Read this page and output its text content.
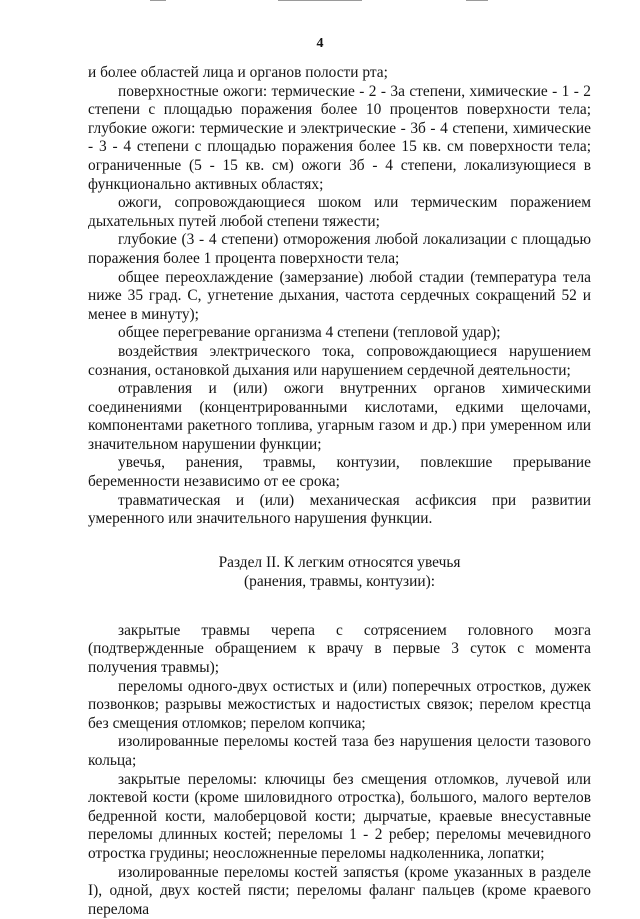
4

и более областей лица и органов полости рта;

поверхностные ожоги: термические - 2 - 3а степени, химические - 1 - 2 степени с площадью поражения более 10 процентов поверхности тела; глубокие ожоги: термические и электрические - 3б - 4 степени, химические - 3 - 4 степени с площадью поражения более 15 кв. см поверхности тела; ограниченные (5 - 15 кв. см) ожоги 3б - 4 степени, локализующиеся в функционально активных областях;

ожоги, сопровождающиеся шоком или термическим поражением дыхательных путей любой степени тяжести;

глубокие (3 - 4 степени) отморожения любой локализации с площадью поражения более 1 процента поверхности тела;

общее переохлаждение (замерзание) любой стадии (температура тела ниже 35 град. С, угнетение дыхания, частота сердечных сокращений 52 и менее в минуту);

общее перегревание организма 4 степени (тепловой удар);

воздействия электрического тока, сопровождающиеся нарушением сознания, остановкой дыхания или нарушением сердечной деятельности;

отравления и (или) ожоги внутренних органов химическими соединениями (концентрированными кислотами, едкими щелочами, компонентами ракетного топлива, угарным газом и др.) при умеренном или значительном нарушении функции;

увечья, ранения, травмы, контузии, повлекшие прерывание беременности независимо от ее срока;

травматическая и (или) механическая асфиксия при развитии умеренного или значительного нарушения функции.

Раздел II. К легким относятся увечья
(ранения, травмы, контузии):

закрытые травмы черепа с сотрясением головного мозга (подтвержденные обращением к врачу в первые 3 суток с момента получения травмы);

переломы одного-двух остистых и (или) поперечных отростков, дужек позвонков; разрывы межостистых и надостистых связок; перелом крестца без смещения отломков; перелом копчика;

изолированные переломы костей таза без нарушения целости тазового кольца;

закрытые переломы: ключицы без смещения отломков, лучевой или локтевой кости (кроме шиловидного отростка), большого, малого вертелов бедренной кости, малоберцовой кости; дырчатые, краевые внесуставные переломы длинных костей; переломы 1 - 2 ребер; переломы мечевидного отростка грудины; неосложненные переломы надколенника, лопатки;

изолированные переломы костей запястья (кроме указанных в разделе I), одной, двух костей пясти; переломы фаланг пальцев (кроме краевого перелома
